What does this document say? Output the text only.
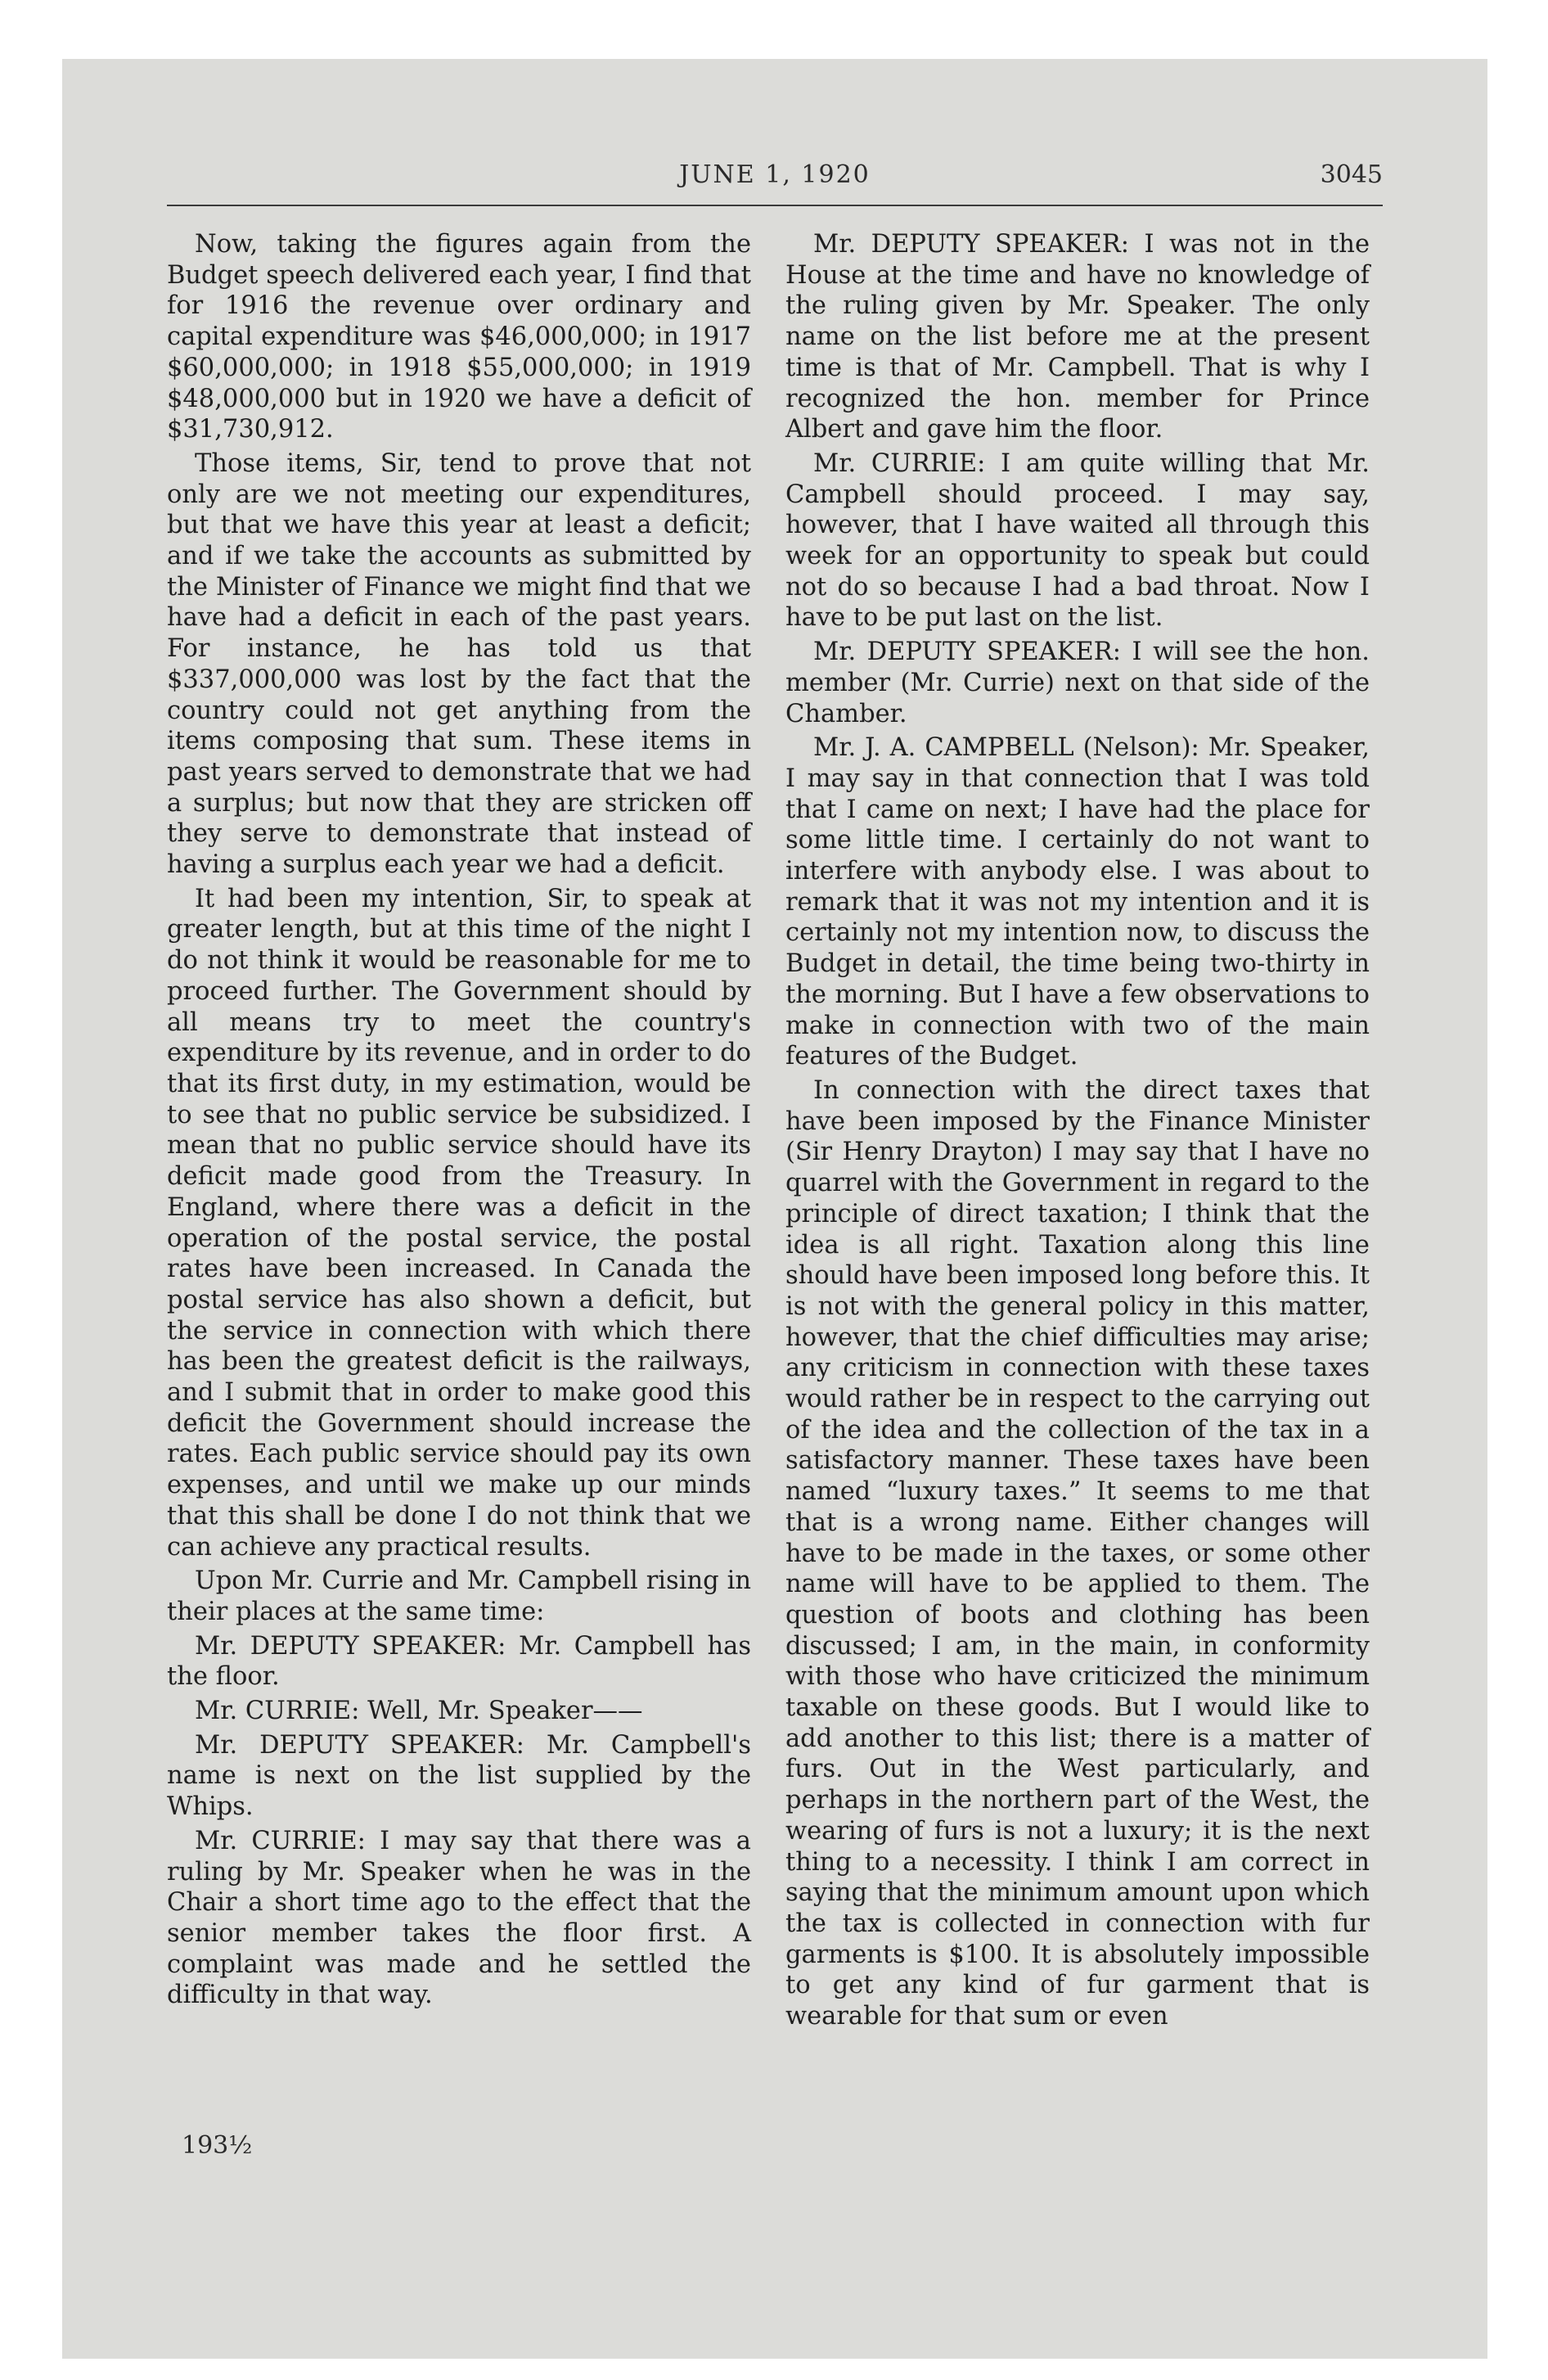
JUNE 1, 1920	3045

Now, taking the figures again from the Budget speech delivered each year, I find that for 1916 the revenue over ordinary and capital expenditure was $46,000,000; in 1917 $60,000,000; in 1918 $55,000,000; in 1919 $48,000,000 but in 1920 we have a deficit of $31,730,912.

Those items, Sir, tend to prove that not only are we not meeting our expenditures, but that we have this year at least a deficit; and if we take the accounts as submitted by the Minister of Finance we might find that we have had a deficit in each of the past years. For instance, he has told us that $337,000,000 was lost by the fact that the country could not get anything from the items composing that sum. These items in past years served to demonstrate that we had a surplus; but now that they are stricken off they serve to demonstrate that instead of having a surplus each year we had a deficit.

It had been my intention, Sir, to speak at greater length, but at this time of the night I do not think it would be reasonable for me to proceed further. The Government should by all means try to meet the country's expenditure by its revenue, and in order to do that its first duty, in my estimation, would be to see that no public service be subsidized. I mean that no public service should have its deficit made good from the Treasury. In England, where there was a deficit in the operation of the postal service, the postal rates have been increased. In Canada the postal service has also shown a deficit, but the service in connection with which there has been the greatest deficit is the railways, and I submit that in order to make good this deficit the Government should increase the rates. Each public service should pay its own expenses, and until we make up our minds that this shall be done I do not think that we can achieve any practical results.

Upon Mr. Currie and Mr. Campbell rising in their places at the same time:

Mr. DEPUTY SPEAKER: Mr. Campbell has the floor.

Mr. CURRIE: Well, Mr. Speaker——

Mr. DEPUTY SPEAKER: Mr. Campbell's name is next on the list supplied by the Whips.

Mr. CURRIE: I may say that there was a ruling by Mr. Speaker when he was in the Chair a short time ago to the effect that the senior member takes the floor first. A complaint was made and he settled the difficulty in that way.

Mr. DEPUTY SPEAKER: I was not in the House at the time and have no knowledge of the ruling given by Mr. Speaker. The only name on the list before me at the present time is that of Mr. Campbell. That is why I recognized the hon. member for Prince Albert and gave him the floor.

Mr. CURRIE: I am quite willing that Mr. Campbell should proceed. I may say, however, that I have waited all through this week for an opportunity to speak but could not do so because I had a bad throat. Now I have to be put last on the list.

Mr. DEPUTY SPEAKER: I will see the hon. member (Mr. Currie) next on that side of the Chamber.

Mr. J. A. CAMPBELL (Nelson): Mr. Speaker, I may say in that connection that I was told that I came on next; I have had the place for some little time. I certainly do not want to interfere with anybody else. I was about to remark that it was not my intention and it is certainly not my intention now, to discuss the Budget in detail, the time being two-thirty in the morning. But I have a few observations to make in connection with two of the main features of the Budget.

In connection with the direct taxes that have been imposed by the Finance Minister (Sir Henry Drayton) I may say that I have no quarrel with the Government in regard to the principle of direct taxation; I think that the idea is all right. Taxation along this line should have been imposed long before this. It is not with the general policy in this matter, however, that the chief difficulties may arise; any criticism in connection with these taxes would rather be in respect to the carrying out of the idea and the collection of the tax in a satisfactory manner. These taxes have been named “luxury taxes.” It seems to me that that is a wrong name. Either changes will have to be made in the taxes, or some other name will have to be applied to them. The question of boots and clothing has been discussed; I am, in the main, in conformity with those who have criticized the minimum taxable on these goods. But I would like to add another to this list; there is a matter of furs. Out in the West particularly, and perhaps in the northern part of the West, the wearing of furs is not a luxury; it is the next thing to a necessity. I think I am correct in saying that the minimum amount upon which the tax is collected in connection with fur garments is $100. It is absolutely impossible to get any kind of fur garment that is wearable for that sum or even

193½
